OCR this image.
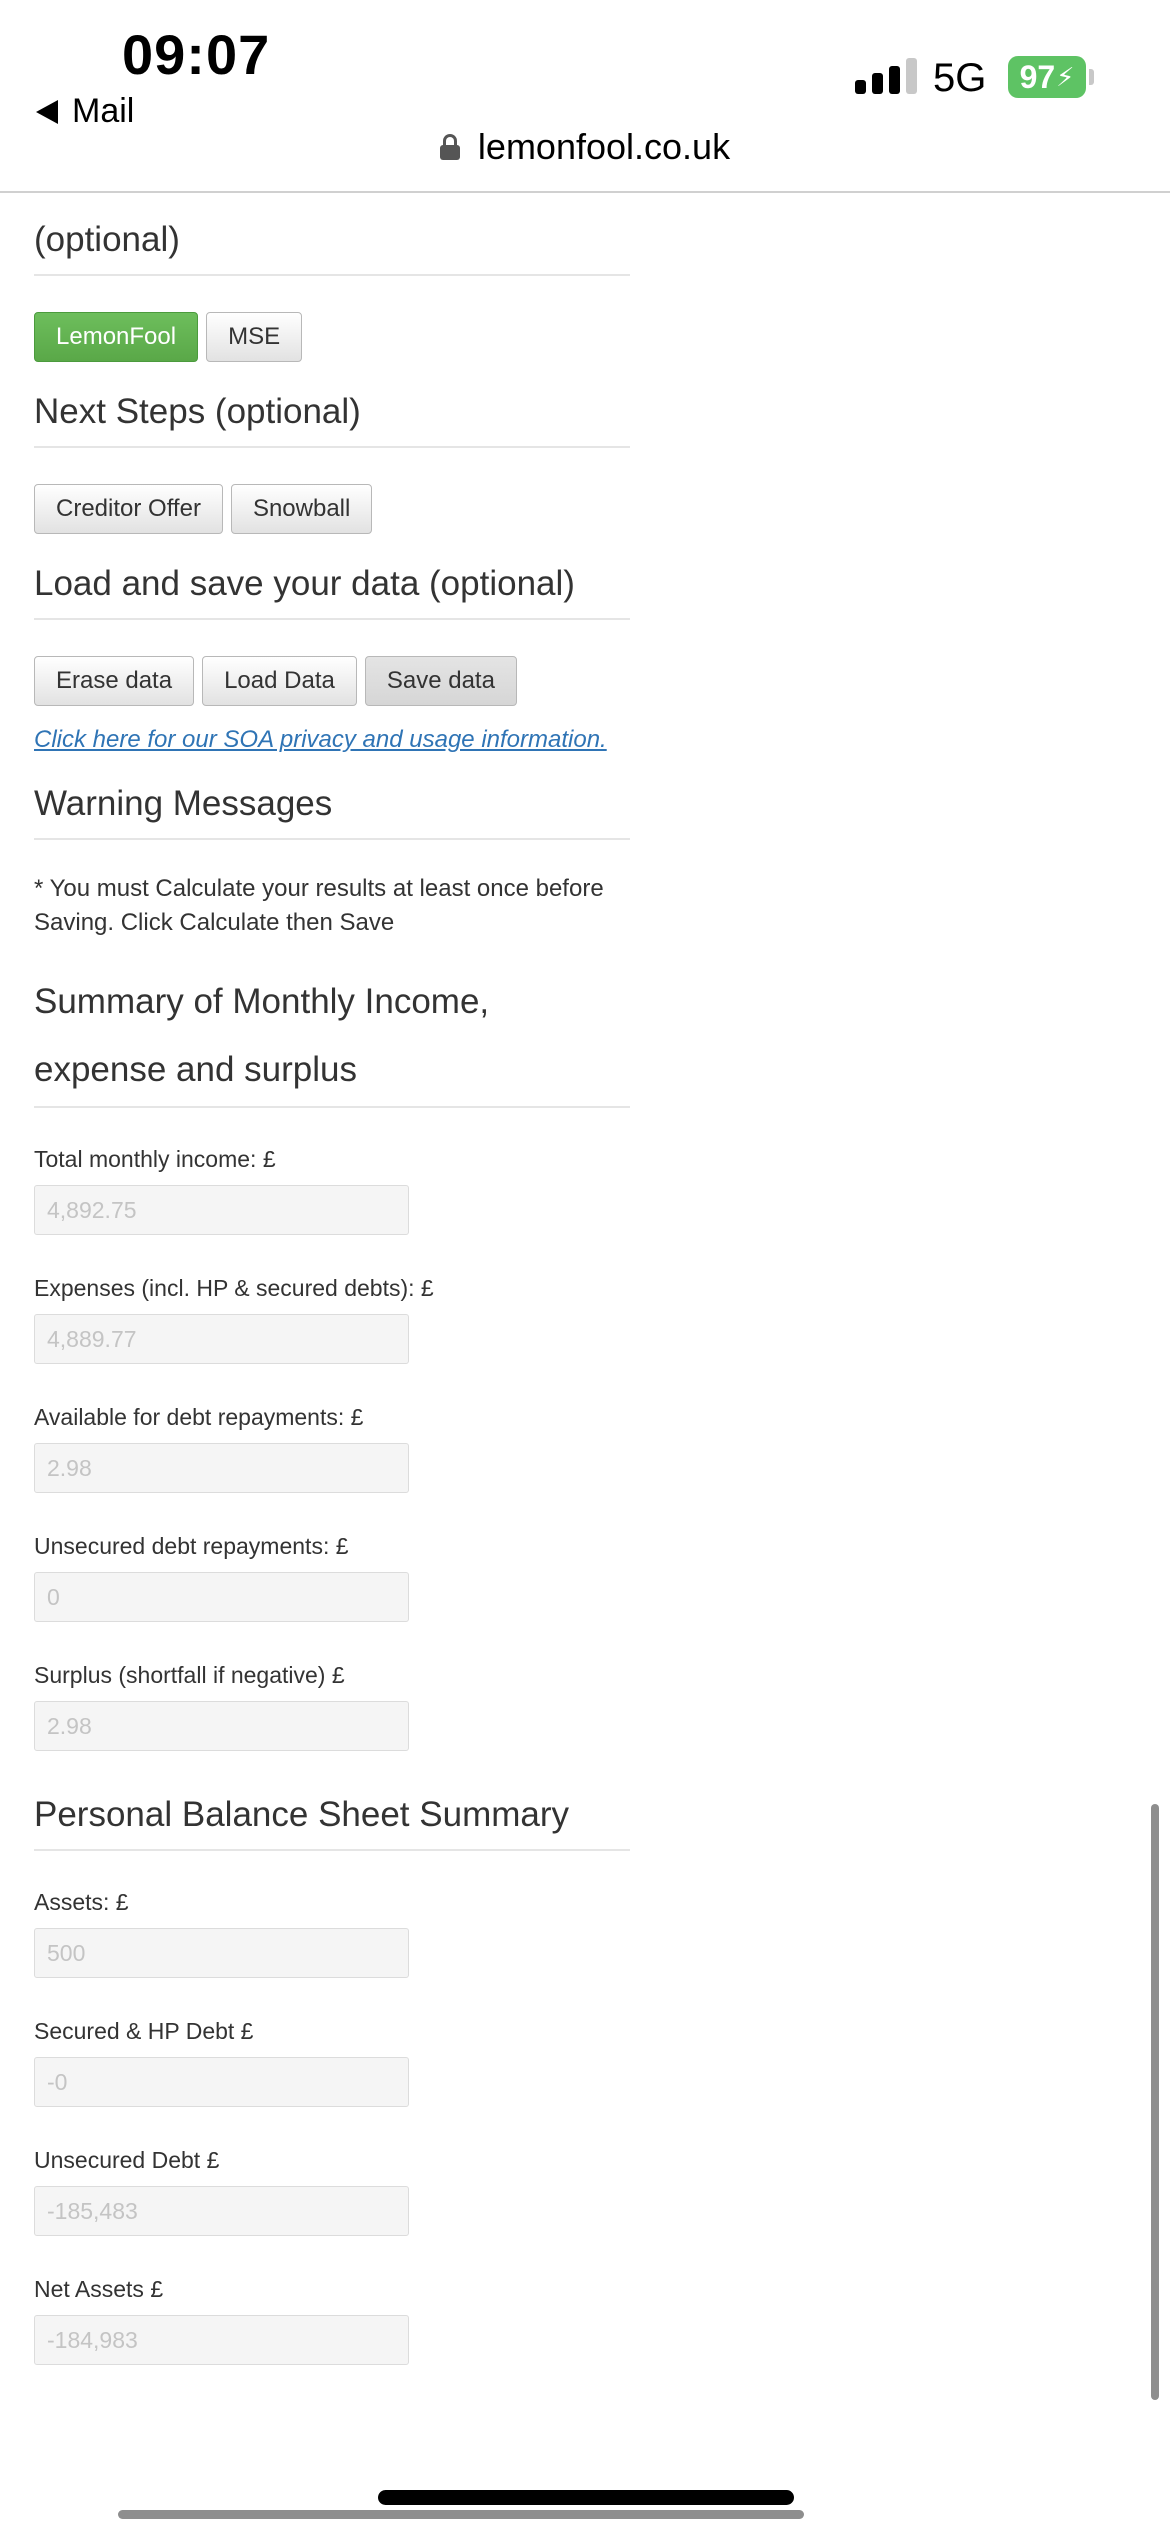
09:07
Mail
5G 97 ⚡
lemonfool.co.uk
(optional)
LemonFool	MSE
Next Steps (optional)
Creditor Offer	Snowball
Load and save your data (optional)
Erase data	Load Data	Save data
Click here for our SOA privacy and usage information.
Warning Messages
* You must Calculate your results at least once before Saving. Click Calculate then Save
Summary of Monthly Income,
expense and surplus
Total monthly income: £
4,892.75
Expenses (incl. HP & secured debts): £
4,889.77
Available for debt repayments: £
2.98
Unsecured debt repayments: £
0
Surplus (shortfall if negative) £
2.98
Personal Balance Sheet Summary
Assets: £
500
Secured & HP Debt £
-0
Unsecured Debt £
-185,483
Net Assets £
-184,983
